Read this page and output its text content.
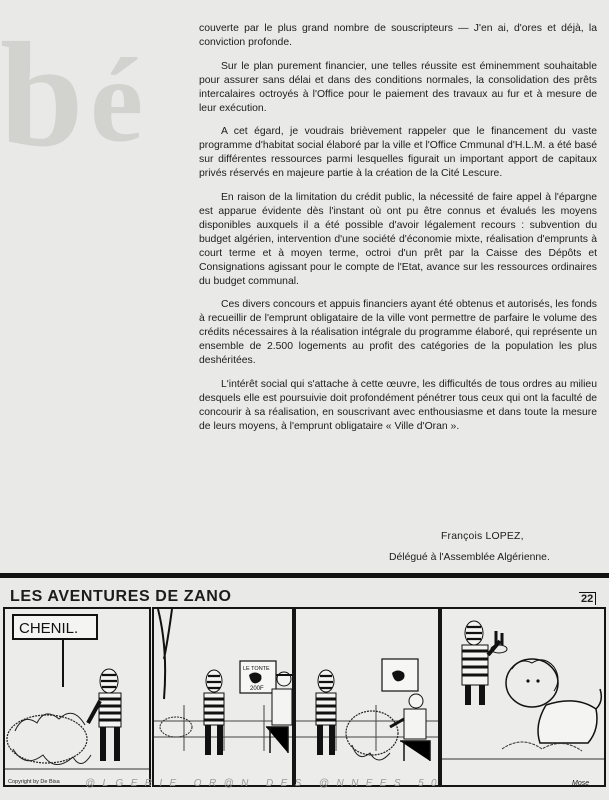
b é

couverte par le plus grand nombre de souscripteurs — J'en ai, d'ores et déjà, la conviction profonde.

Sur le plan purement financier, une telles réussite est éminemment souhaitable pour assurer sans délai et dans des conditions normales, la consolidation des prêts intercalaires octroyés à l'Office pour le paiement des travaux au fur et à mesure de leur exécution.

A cet égard, je voudrais brièvement rappeler que le financement du vaste programme d'habitat social élaboré par la ville et l'Office Cmmunal d'H.L.M. a été basé sur différentes ressources parmi lesquelles figurait un important apport de capitaux privés réservés en majeure partie à la création de la Cité Lescure.

En raison de la limitation du crédit public, la nécessité de faire appel à l'épargne est apparue évidente dès l'instant où ont pu être connus et évalués les moyens disponibles auxquels il a été possible d'avoir légalement recours : subvention du budget algérien, intervention d'une société d'économie mixte, réalisation d'emprunts à court terme et à moyen terme, octroi d'un prêt par la Caisse des Dépôts et Consignations agissant pour le compte de l'Etat, avance sur les ressources ordinaires du budget communal.

Ces divers concours et appuis financiers ayant été obtenus et autorisés, les fonds à recueillir de l'emprunt obligataire de la ville vont permettre de parfaire le volume des crédits nécessaires à la réalisation intégrale du programme élaboré, qui représente un ensemble de 2.500 logements au profit des catégories de la population les plus deshéritées.

L'intérêt social qui s'attache à cette œuvre, les difficultés de tous ordres au milieu desquels elle est poursuivie doit profondément pénétrer tous ceux qui ont la faculté de concourir à sa réalisation, en souscrivant avec enthousiasme et dans toute la mesure de leurs moyens, à l'emprunt obligataire « Ville d'Oran ».

François LOPEZ,
Délégué à l'Assemblée Algérienne.
LES AVENTURES DE ZANO	22
CHENIL.
LE TONTE
200F
Copyright by De Bisa	@LGERIE OR@N DES @NNEES 50	Mose
